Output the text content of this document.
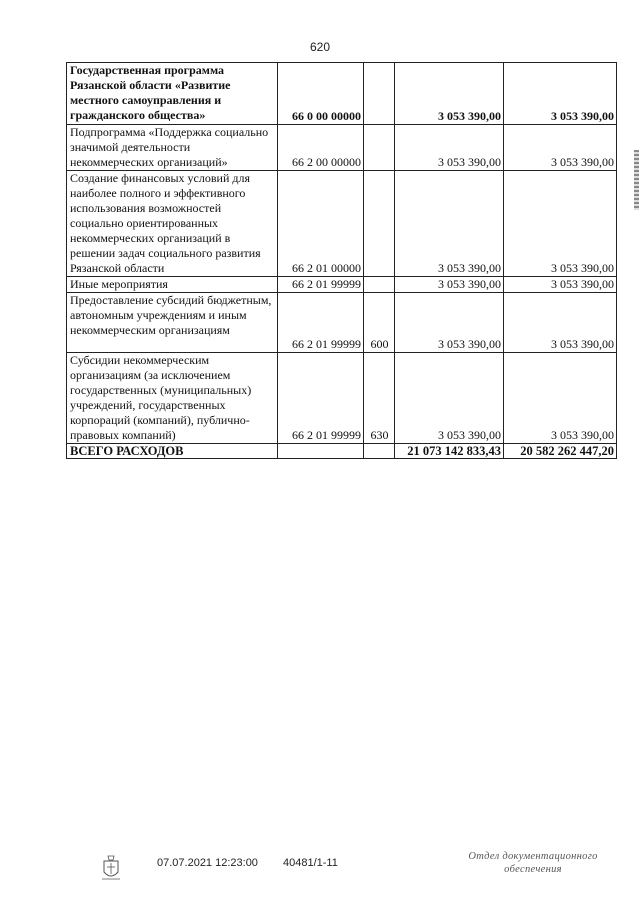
620
Государственная программа Рязанской области «Развитие местного самоуправления и гражданского общества»	66 0 00 00000		3 053 390,00	3 053 390,00
Подпрограмма «Поддержка социально значимой деятельности некоммерческих организаций»	66 2 00 00000		3 053 390,00	3 053 390,00
Создание финансовых условий для наиболее полного и эффективного использования возможностей социально ориентированных некоммерческих организаций в решении задач социального развития Рязанской области	66 2 01 00000		3 053 390,00	3 053 390,00
Иные мероприятия	66 2 01 99999		3 053 390,00	3 053 390,00
Предоставление субсидий бюджетным, автономным учреждениям и иным некоммерческим организациям	66 2 01 99999	600	3 053 390,00	3 053 390,00
Субсидии некоммерческим организациям (за исключением государственных (муниципальных) учреждений, государственных корпораций (компаний), публично-правовых компаний)	66 2 01 99999	630	3 053 390,00	3 053 390,00
ВСЕГО РАСХОДОВ			21 073 142 833,43	20 582 262 447,20
07.07.2021 12:23:00 40481/1-11
Отдел документационного
обеспечения
